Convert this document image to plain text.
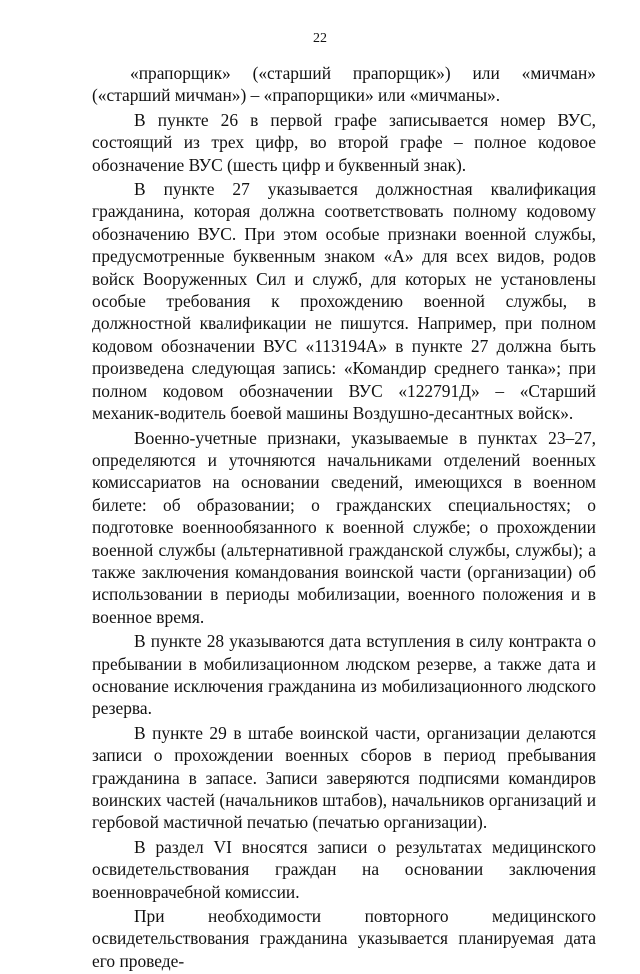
22

«прапорщик» («старший прапорщик») или «мичман» («старший мичман») – «прапорщики» или «мичманы».

В пункте 26 в первой графе записывается номер ВУС, состоящий из трех цифр, во второй графе – полное кодовое обозначение ВУС (шесть цифр и буквенный знак).

В пункте 27 указывается должностная квалификация гражданина, которая должна соответствовать полному кодовому обозначению ВУС. При этом особые признаки военной службы, предусмотренные буквенным знаком «А» для всех видов, родов войск Вооруженных Сил и служб, для которых не установлены особые требования к прохождению военной службы, в должностной квалификации не пишутся. Например, при полном кодовом обозначении ВУС «113194А» в пункте 27 должна быть произведена следующая запись: «Командир среднего танка»; при полном кодовом обозначении ВУС «122791Д» – «Старший механик-водитель боевой машины Воздушно-десантных войск».

Военно-учетные признаки, указываемые в пунктах 23–27, определяются и уточняются начальниками отделений военных комиссариатов на основании сведений, имеющихся в военном билете: об образовании; о гражданских специальностях; о подготовке военнообязанного к военной службе; о прохождении военной службы (альтернативной гражданской службы, службы); а также заключения командования воинской части (организации) об использовании в периоды мобилизации, военного положения и в военное время.

В пункте 28 указываются дата вступления в силу контракта о пребывании в мобилизационном людском резерве, а также дата и основание исключения гражданина из мобилизационного людского резерва.

В пункте 29 в штабе воинской части, организации делаются записи о прохождении военных сборов в период пребывания гражданина в запасе. Записи заверяются подписями командиров воинских частей (начальников штабов), начальников организаций и гербовой мастичной печатью (печатью организации).

В раздел VI вносятся записи о результатах медицинского освидетельствования граждан на основании заключения военноврачебной комиссии.

При необходимости повторного медицинского освидетельствования гражданина указывается планируемая дата его проведе-
